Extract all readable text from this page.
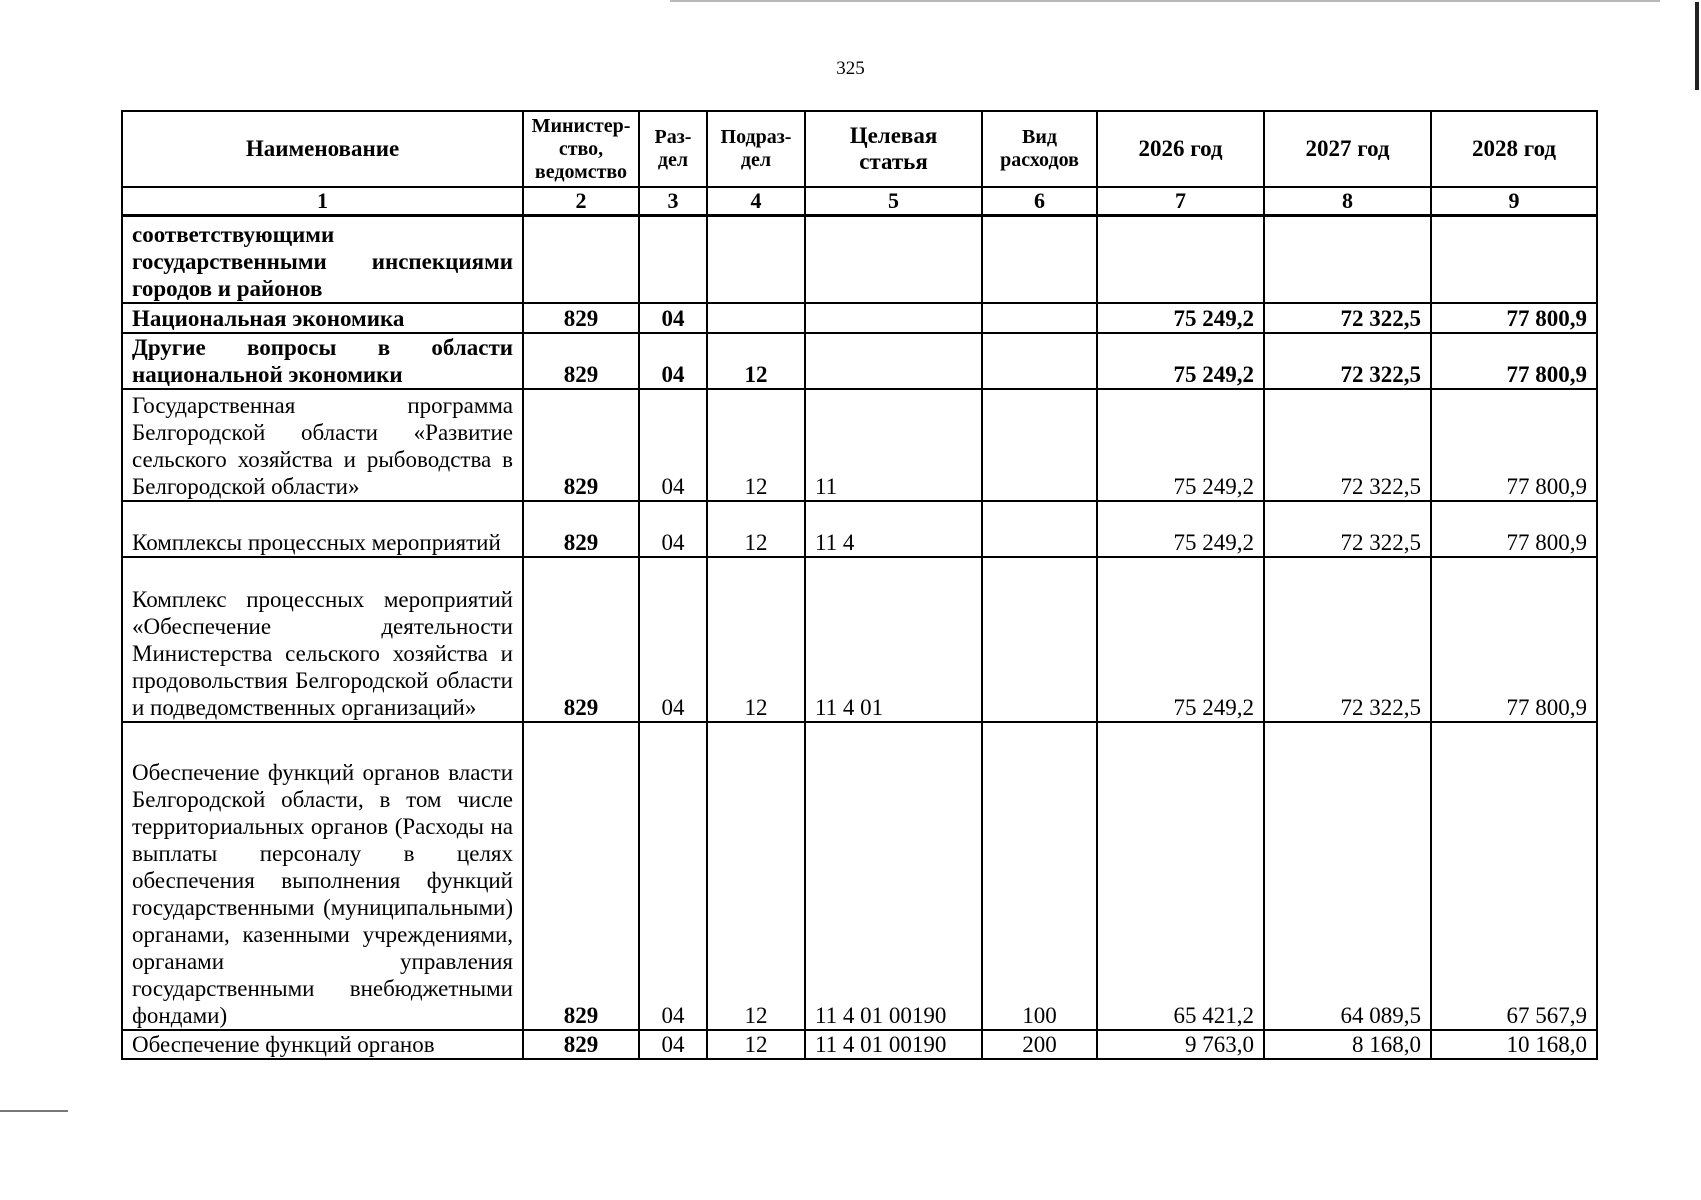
325
Наименование	Министер-ство, ведомство	Раз-дел	Подраз-дел	Целевая статья	Вид расходов	2026 год	2027 год	2028 год
1	2	3	4	5	6	7	8	9
соответствующими государственными инспекциями городов и районов								
Национальная экономика	829	04				75 249,2	72 322,5	77 800,9
Другие вопросы в области национальной экономики	829	04	12			75 249,2	72 322,5	77 800,9
Государственная программа Белгородской области «Развитие сельского хозяйства и рыбоводства в Белгородской области»	829	04	12	11		75 249,2	72 322,5	77 800,9
Комплексы процессных мероприятий	829	04	12	11 4		75 249,2	72 322,5	77 800,9
Комплекс процессных мероприятий «Обеспечение деятельности Министерства сельского хозяйства и продовольствия Белгородской области и подведомственных организаций»	829	04	12	11 4 01		75 249,2	72 322,5	77 800,9
Обеспечение функций органов власти Белгородской области, в том числе территориальных органов (Расходы на выплаты персоналу в целях обеспечения выполнения функций государственными (муниципальными) органами, казенными учреждениями, органами управления государственными внебюджетными фондами)	829	04	12	11 4 01 00190	100	65 421,2	64 089,5	67 567,9
Обеспечение функций органов	829	04	12	11 4 01 00190	200	9 763,0	8 168,0	10 168,0
